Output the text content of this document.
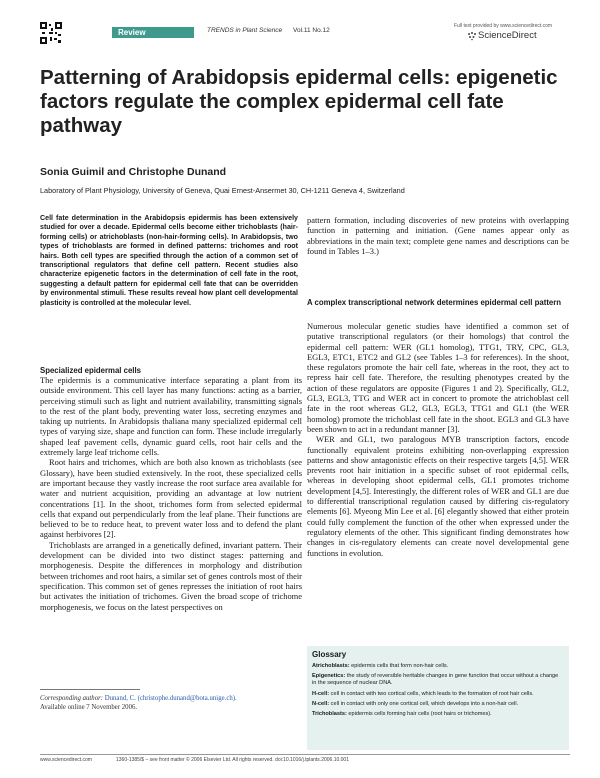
Review	TRENDS in Plant Science Vol.11 No.12
Full text provided by www.sciencedirect.com
ScienceDirect
Patterning of Arabidopsis epidermal cells: epigenetic factors regulate the complex epidermal cell fate pathway
Sonia Guimil and Christophe Dunand
Laboratory of Plant Physiology, University of Geneva, Quai Ernest-Ansermet 30, CH-1211 Geneva 4, Switzerland
Cell fate determination in the Arabidopsis epidermis has been extensively studied for over a decade. Epidermal cells become either trichoblasts (hair-forming cells) or atrichoblasts (non-hair-forming cells). In Arabidopsis, two types of trichoblasts are formed in defined patterns: trichomes and root hairs. Both cell types are specified through the action of a common set of transcriptional regulators that define cell pattern. Recent studies also characterize epigenetic factors in the determination of cell fate in the root, suggesting a default pattern for epidermal cell fate that can be overridden by environmental stimuli. These results reveal how plant cell developmental plasticity is controlled at the molecular level.
Specialized epidermal cells

The epidermis is a communicative interface separating a plant from its outside environment. This cell layer has many functions: acting as a barrier, perceiving stimuli such as light and nutrient availability, transmitting signals to the rest of the plant body, preventing water loss, secreting enzymes and taking up nutrients. In Arabidopsis thaliana many specialized epidermal cell types of varying size, shape and function can form. These include irregularly shaped leaf pavement cells, dynamic guard cells, root hair cells and the extremely large leaf trichome cells.

Root hairs and trichomes, which are both also known as trichoblasts (see Glossary), have been studied extensively. In the root, these specialized cells are important because they vastly increase the root surface area available for water and nutrient acquisition, providing an advantage at low nutrient concentrations [1]. In the shoot, trichomes form from selected epidermal cells that expand out perpendicularly from the leaf plane. Their functions are believed to be to reduce heat, to prevent water loss and to defend the plant against herbivores [2].

Trichoblasts are arranged in a genetically defined, invariant pattern. Their development can be divided into two distinct stages: patterning and morphogenesis. Despite the differences in morphology and distribution between trichomes and root hairs, a similar set of genes controls most of their specification. This common set of genes represses the initiation of root hairs but activates the initiation of trichomes. Given the broad scope of trichome morphogenesis, we focus on the latest perspectives on

Corresponding author: Dunand, C. (christophe.dunand@bota.unige.ch).
Available online 7 November 2006.

pattern formation, including discoveries of new proteins with overlapping function in patterning and initiation. (Gene names appear only as abbreviations in the main text; complete gene names and descriptions can be found in Tables 1–3.)

A complex transcriptional network determines epidermal cell pattern

Numerous molecular genetic studies have identified a common set of putative transcriptional regulators (or their homologs) that control the epidermal cell pattern: WER (GL1 homolog), TTG1, TRY, CPC, GL3, EGL3, ETC1, ETC2 and GL2 (see Tables 1–3 for references). In the shoot, these regulators promote the hair cell fate, whereas in the root, they act to repress hair cell fate. Therefore, the resulting phenotypes created by the action of these regulators are opposite (Figures 1 and 2). Specifically, GL2, GL3, EGL3, TTG and WER act in concert to promote the atrichoblast cell fate in the root whereas GL2, GL3, EGL3, TTG1 and GL1 (the WER homolog) promote the trichoblast cell fate in the shoot. EGL3 and GL3 have been shown to act in a redundant manner [3].

WER and GL1, two paralogous MYB transcription factors, encode functionally equivalent proteins exhibiting non-overlapping expression patterns and show antagonistic effects on their respective targets [4,5]. WER prevents root hair initiation in a specific subset of root epidermal cells, whereas in developing shoot epidermal cells, GL1 promotes trichome development [4,5]. Interestingly, the different roles of WER and GL1 are due to differential transcriptional regulation caused by differing cis-regulatory elements [6]. Myeong Min Lee et al. [6] elegantly showed that either protein could fully complement the function of the other when expressed under the regulatory elements of the other. This significant finding demonstrates how changes in cis-regulatory elements can create novel developmental gene functions in evolution.

Glossary
Atrichoblasts: epidermis cells that form non-hair cells.
Epigenetics: the study of reversible heritable changes in gene function that occur without a change in the sequence of nuclear DNA.
H-cell: cell in contact with two cortical cells, which leads to the formation of root hair cells.
N-cell: cell in contact with only one cortical cell, which develops into a non-hair cell.
Trichoblasts: epidermis cells forming hair cells (root hairs or trichomes).
www.sciencedirect.com	1360-1385/$ – see front matter © 2006 Elsevier Ltd. All rights reserved. doi:10.1016/j.tplants.2006.10.001
